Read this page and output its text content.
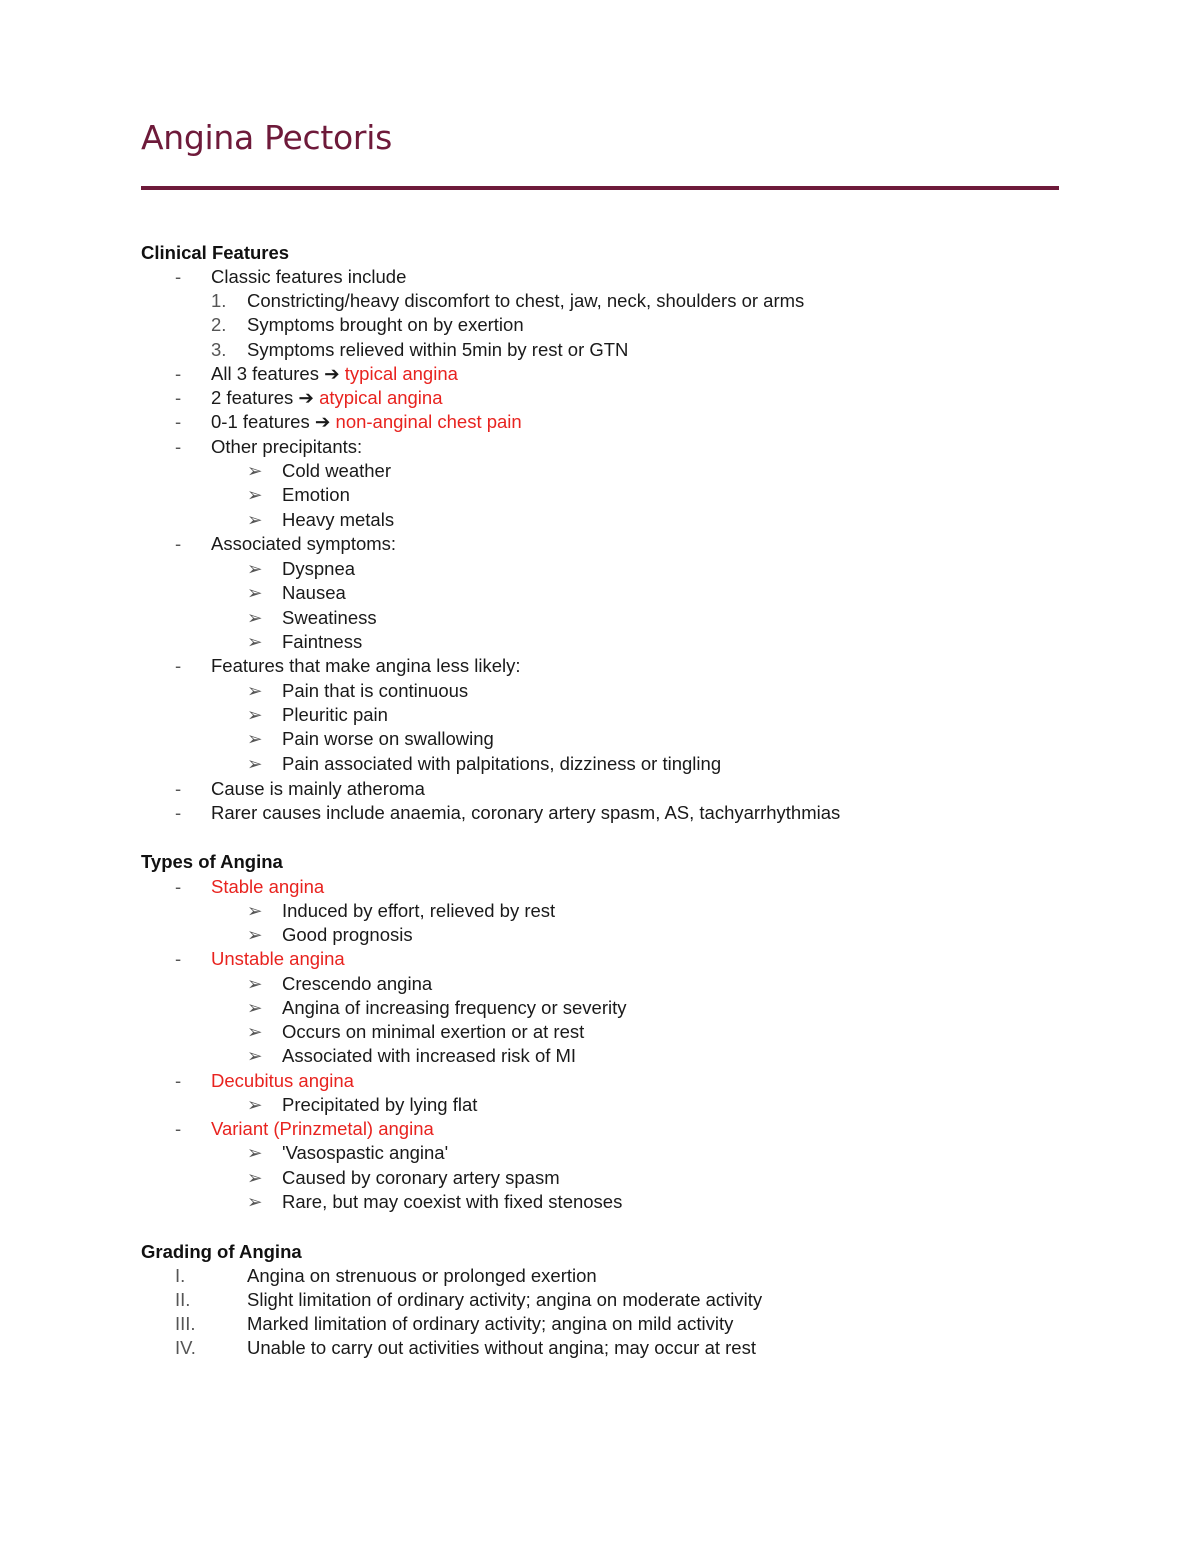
Angina Pectoris
Clinical Features
- Classic features include
1. Constricting/heavy discomfort to chest, jaw, neck, shoulders or arms
2. Symptoms brought on by exertion
3. Symptoms relieved within 5min by rest or GTN
- All 3 features ➔ typical angina
- 2 features ➔ atypical angina
- 0-1 features ➔ non-anginal chest pain
- Other precipitants:
➢ Cold weather
➢ Emotion
➢ Heavy metals
- Associated symptoms:
➢ Dyspnea
➢ Nausea
➢ Sweatiness
➢ Faintness
- Features that make angina less likely:
➢ Pain that is continuous
➢ Pleuritic pain
➢ Pain worse on swallowing
➢ Pain associated with palpitations, dizziness or tingling
- Cause is mainly atheroma
- Rarer causes include anaemia, coronary artery spasm, AS, tachyarrhythmias
Types of Angina
- Stable angina
➢ Induced by effort, relieved by rest
➢ Good prognosis
- Unstable angina
➢ Crescendo angina
➢ Angina of increasing frequency or severity
➢ Occurs on minimal exertion or at rest
➢ Associated with increased risk of MI
- Decubitus angina
➢ Precipitated by lying flat
- Variant (Prinzmetal) angina
➢ 'Vasospastic angina'
➢ Caused by coronary artery spasm
➢ Rare, but may coexist with fixed stenoses
Grading of Angina
I.	Angina on strenuous or prolonged exertion
II.	Slight limitation of ordinary activity; angina on moderate activity
III.	Marked limitation of ordinary activity; angina on mild activity
IV.	Unable to carry out activities without angina; may occur at rest
